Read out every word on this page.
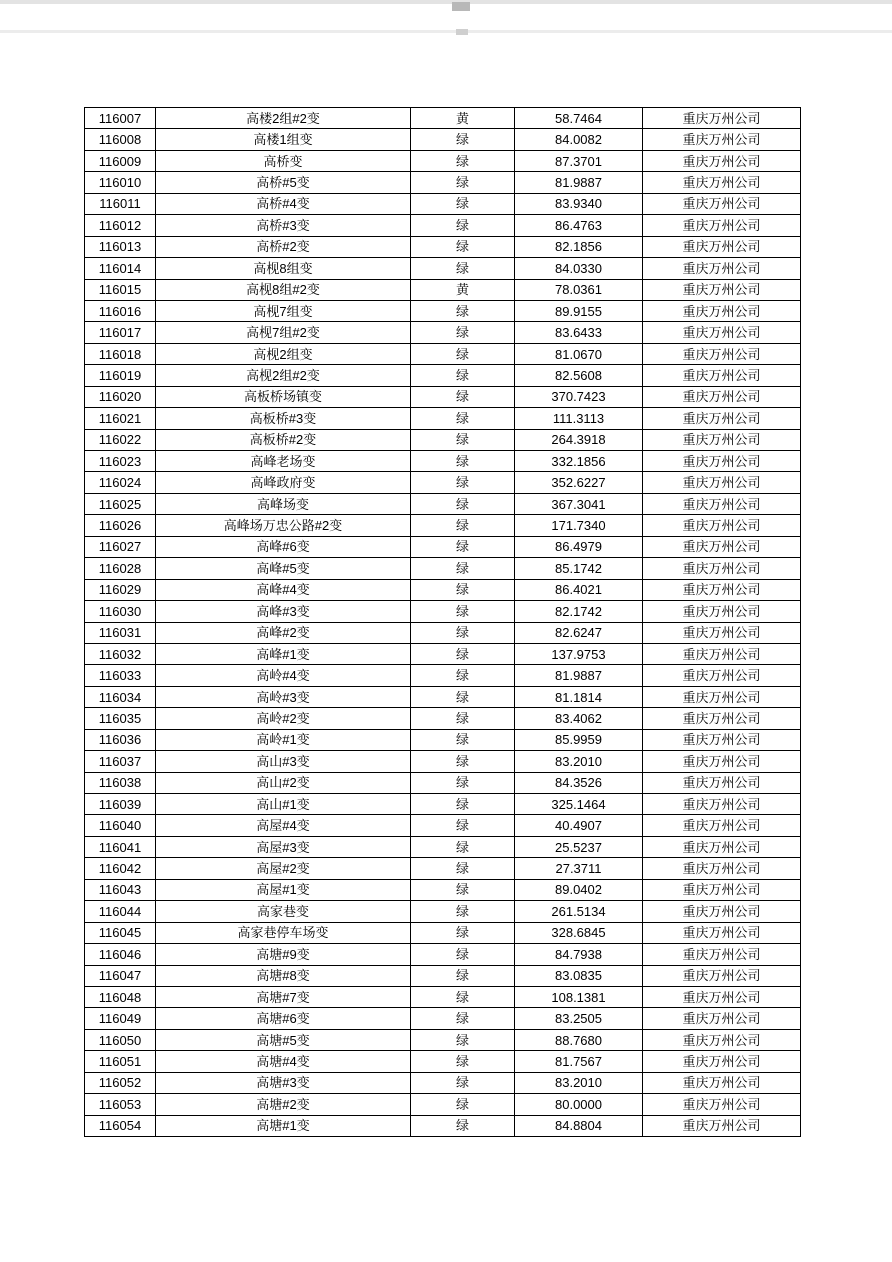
116007	高楼2组#2变	黄	58.7464	重庆万州公司
116008	高楼1组变	绿	84.0082	重庆万州公司
116009	高桥变	绿	87.3701	重庆万州公司
116010	高桥#5变	绿	81.9887	重庆万州公司
116011	高桥#4变	绿	83.9340	重庆万州公司
116012	高桥#3变	绿	86.4763	重庆万州公司
116013	高桥#2变	绿	82.1856	重庆万州公司
116014	高枧8组变	绿	84.0330	重庆万州公司
116015	高枧8组#2变	黄	78.0361	重庆万州公司
116016	高枧7组变	绿	89.9155	重庆万州公司
116017	高枧7组#2变	绿	83.6433	重庆万州公司
116018	高枧2组变	绿	81.0670	重庆万州公司
116019	高枧2组#2变	绿	82.5608	重庆万州公司
116020	高板桥场镇变	绿	370.7423	重庆万州公司
116021	高板桥#3变	绿	111.3113	重庆万州公司
116022	高板桥#2变	绿	264.3918	重庆万州公司
116023	高峰老场变	绿	332.1856	重庆万州公司
116024	高峰政府变	绿	352.6227	重庆万州公司
116025	高峰场变	绿	367.3041	重庆万州公司
116026	高峰场万忠公路#2变	绿	171.7340	重庆万州公司
116027	高峰#6变	绿	86.4979	重庆万州公司
116028	高峰#5变	绿	85.1742	重庆万州公司
116029	高峰#4变	绿	86.4021	重庆万州公司
116030	高峰#3变	绿	82.1742	重庆万州公司
116031	高峰#2变	绿	82.6247	重庆万州公司
116032	高峰#1变	绿	137.9753	重庆万州公司
116033	高岭#4变	绿	81.9887	重庆万州公司
116034	高岭#3变	绿	81.1814	重庆万州公司
116035	高岭#2变	绿	83.4062	重庆万州公司
116036	高岭#1变	绿	85.9959	重庆万州公司
116037	高山#3变	绿	83.2010	重庆万州公司
116038	高山#2变	绿	84.3526	重庆万州公司
116039	高山#1变	绿	325.1464	重庆万州公司
116040	高屋#4变	绿	40.4907	重庆万州公司
116041	高屋#3变	绿	25.5237	重庆万州公司
116042	高屋#2变	绿	27.3711	重庆万州公司
116043	高屋#1变	绿	89.0402	重庆万州公司
116044	高家巷变	绿	261.5134	重庆万州公司
116045	高家巷停车场变	绿	328.6845	重庆万州公司
116046	高塘#9变	绿	84.7938	重庆万州公司
116047	高塘#8变	绿	83.0835	重庆万州公司
116048	高塘#7变	绿	108.1381	重庆万州公司
116049	高塘#6变	绿	83.2505	重庆万州公司
116050	高塘#5变	绿	88.7680	重庆万州公司
116051	高塘#4变	绿	81.7567	重庆万州公司
116052	高塘#3变	绿	83.2010	重庆万州公司
116053	高塘#2变	绿	80.0000	重庆万州公司
116054	高塘#1变	绿	84.8804	重庆万州公司
